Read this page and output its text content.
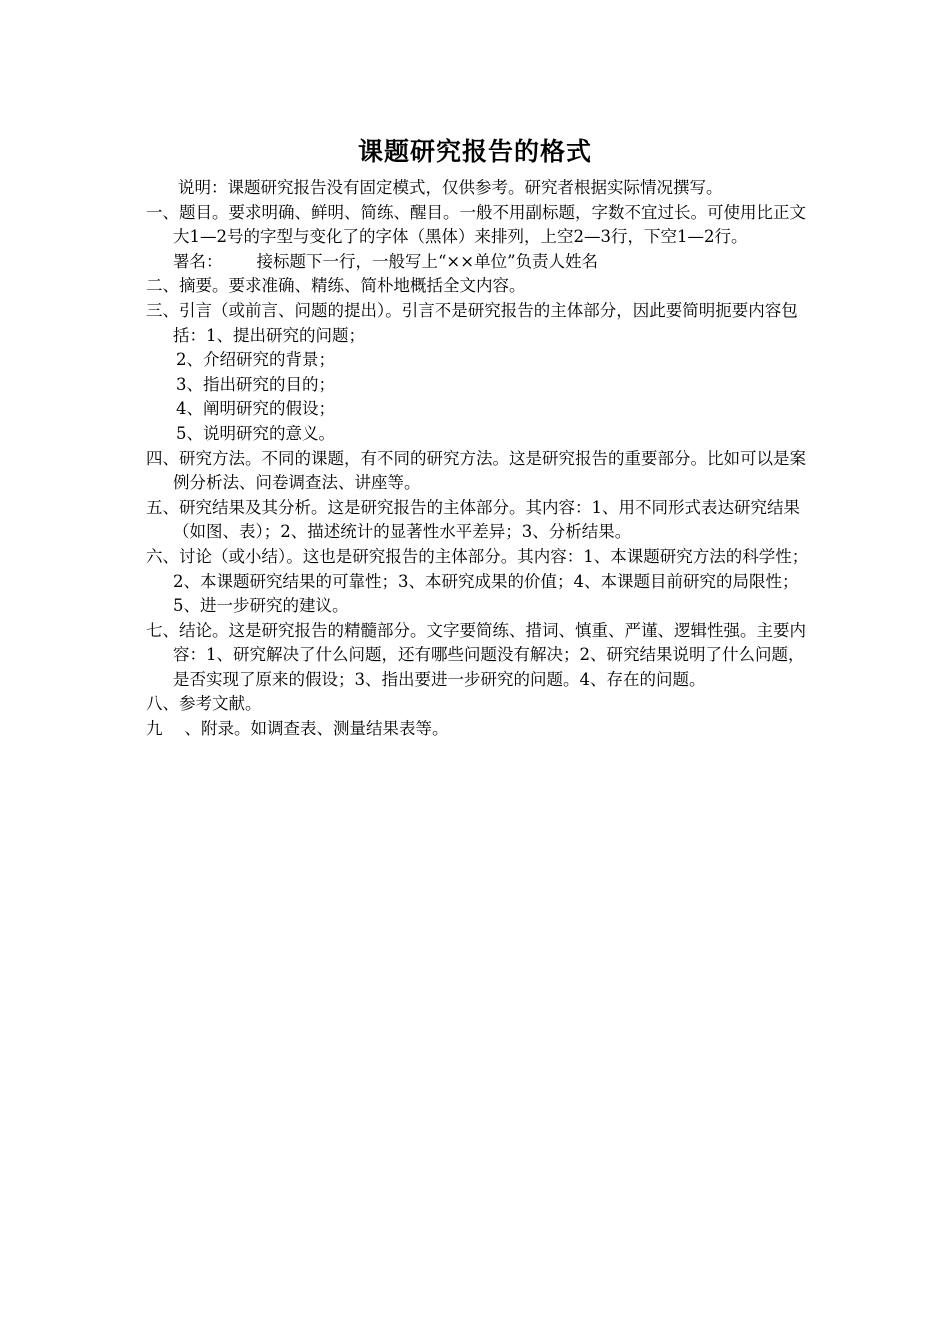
课题研究报告的格式

说明：课题研究报告没有固定模式，仅供参考。研究者根据实际情况撰写。

一、题目。要求明确、鲜明、简练、醒目。一般不用副标题，字数不宜过长。可使用比正文大1—2号的字型与变化了的字体（黑体）来排列，上空2—3行，下空1—2行。

署名： 接标题下一行，一般写上“××单位”负责人姓名

二、摘要。要求准确、精练、简朴地概括全文内容。

三、引言（或前言、问题的提出）。引言不是研究报告的主体部分，因此要简明扼要内容包括：1、提出研究的问题；

2、介绍研究的背景；

3、指出研究的目的；

4、阐明研究的假设；

5、说明研究的意义。

四、研究方法。不同的课题，有不同的研究方法。这是研究报告的重要部分。比如可以是案例分析法、问卷调查法、讲座等。

五、研究结果及其分析。这是研究报告的主体部分。其内容：1、用不同形式表达研究结果（如图、表）；2、描述统计的显著性水平差异；3、分析结果。

六、讨论（或小结）。这也是研究报告的主体部分。其内容：1、本课题研究方法的科学性；2、本课题研究结果的可靠性；3、本研究成果的价值；4、本课题目前研究的局限性；5、进一步研究的建议。

七、结论。这是研究报告的精髓部分。文字要简练、措词、慎重、严谨、逻辑性强。主要内容：1、研究解决了什么问题，还有哪些问题没有解决；2、研究结果说明了什么问题，是否实现了原来的假设；3、指出要进一步研究的问题。4、存在的问题。

八、参考文献。

九 、附录。如调查表、测量结果表等。
